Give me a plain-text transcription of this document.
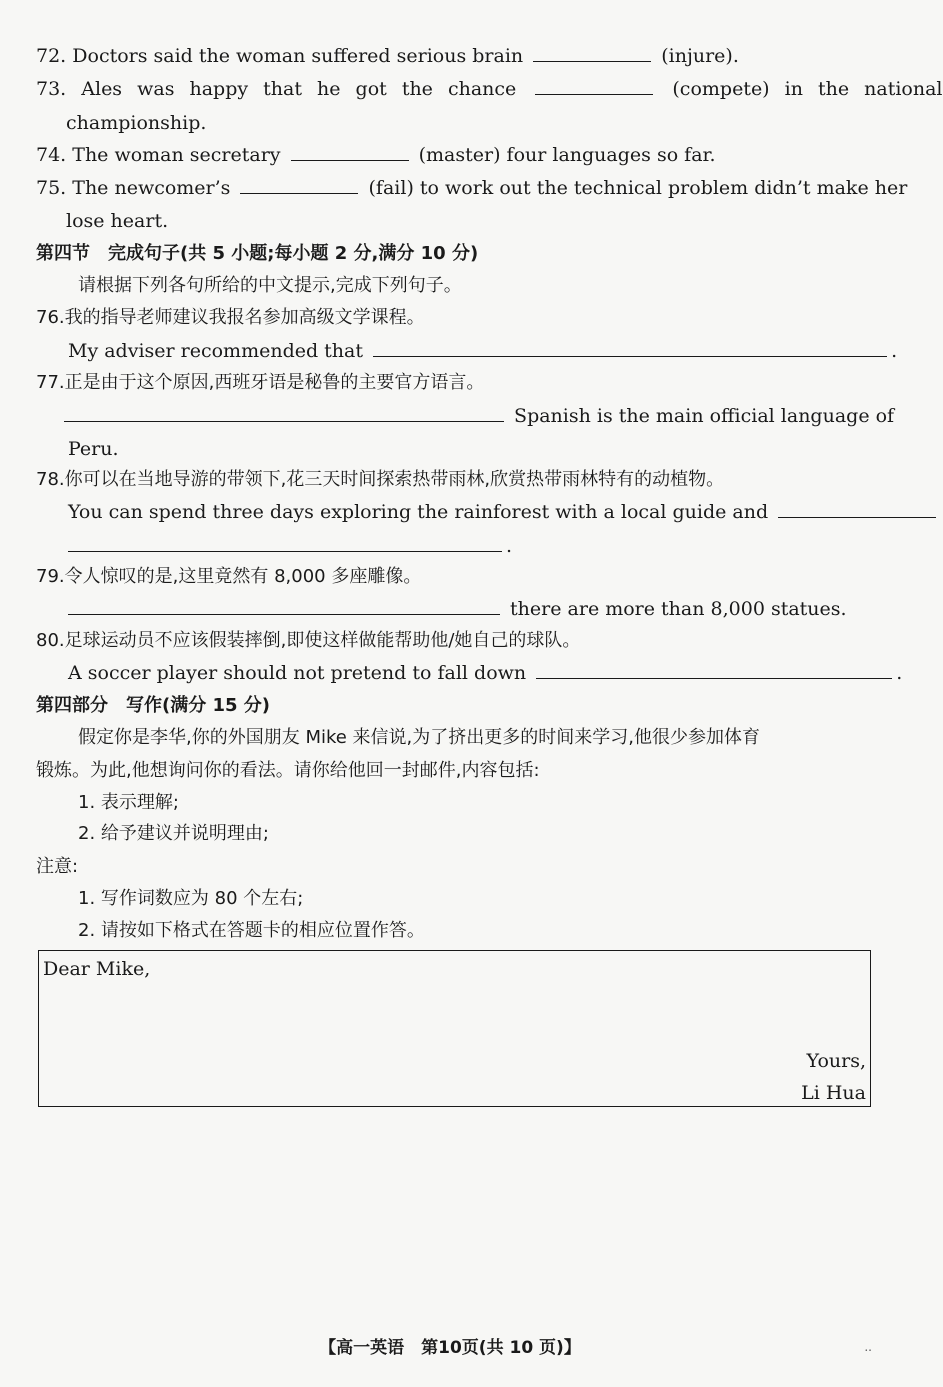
72. Doctors said the woman suffered serious brain	(injure).
73. Ales was happy that he got the chance	(compete) in the national
championship.
74. The woman secretary	(master) four languages so far.
75. The newcomer’s	(fail) to work out the technical problem didn’t make her
lose heart.
第四节　完成句子(共 5 小题;每小题 2 分,满分 10 分)
请根据下列各句所给的中文提示,完成下列句子。
76.我的指导老师建议我报名参加高级文学课程。
My adviser recommended that	.
77.正是由于这个原因,西班牙语是秘鲁的主要官方语言。
Spanish is the main official language of
Peru.
78.你可以在当地导游的带领下,花三天时间探索热带雨林,欣赏热带雨林特有的动植物。
You can spend three days exploring the rainforest with a local guide and
.
79.令人惊叹的是,这里竟然有 8,000 多座雕像。
there are more than 8,000 statues.
80.足球运动员不应该假装摔倒,即使这样做能帮助他/她自己的球队。
A soccer player should not pretend to fall down	.
第四部分　写作(满分 15 分)
假定你是李华,你的外国朋友 Mike 来信说,为了挤出更多的时间来学习,他很少参加体育
锻炼。为此,他想询问你的看法。请你给他回一封邮件,内容包括:
1. 表示理解;
2. 给予建议并说明理由;
注意:
1. 写作词数应为 80 个左右;
2. 请按如下格式在答题卡的相应位置作答。
Dear Mike,
Yours,
Li Hua
【高一英语　第10页(共 10 页)】	..
